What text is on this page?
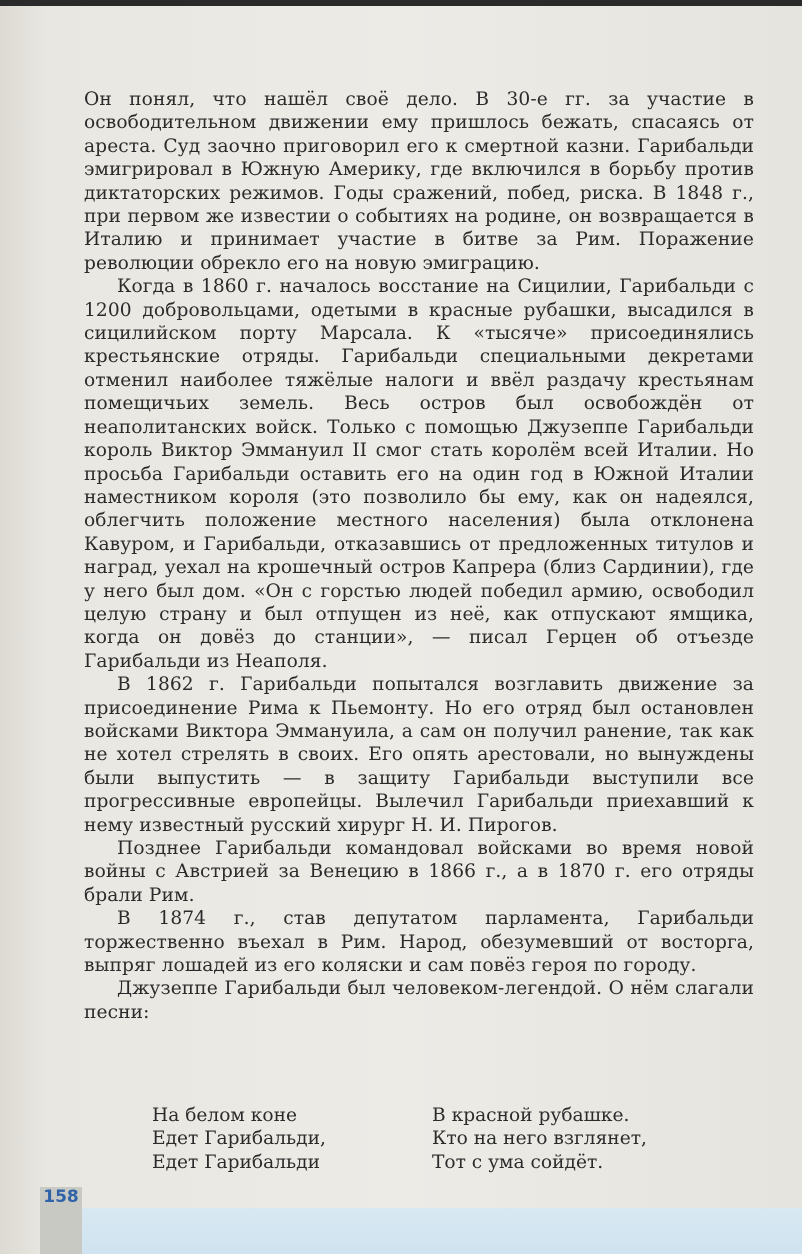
Он понял, что нашёл своё дело. В 30-е гг. за участие в освободительном движении ему пришлось бежать, спасаясь от ареста. Суд заочно приговорил его к смертной казни. Гарибальди эмигрировал в Южную Америку, где включился в борьбу против диктаторских режимов. Годы сражений, побед, риска. В 1848 г., при первом же известии о событиях на родине, он возвращается в Италию и принимает участие в битве за Рим. Поражение революции обрекло его на новую эмиграцию.

Когда в 1860 г. началось восстание на Сицилии, Гарибальди с 1200 добровольцами, одетыми в красные рубашки, высадился в сицилийском порту Марсала. К «тысяче» присоединялись крестьянские отряды. Гарибальди специальными декретами отменил наиболее тяжёлые налоги и ввёл раздачу крестьянам помещичьих земель. Весь остров был освобождён от неаполитанских войск. Только с помощью Джузеппе Гарибальди король Виктор Эммануил II смог стать королём всей Италии. Но просьба Гарибальди оставить его на один год в Южной Италии наместником короля (это позволило бы ему, как он надеялся, облегчить положение местного населения) была отклонена Кавуром, и Гарибальди, отказавшись от предложенных титулов и наград, уехал на крошечный остров Капрера (близ Сардинии), где у него был дом. «Он с горстью людей победил армию, освободил целую страну и был отпущен из неё, как отпускают ямщика, когда он довёз до станции», — писал Герцен об отъезде Гарибальди из Неаполя.

В 1862 г. Гарибальди попытался возглавить движение за присоединение Рима к Пьемонту. Но его отряд был остановлен войсками Виктора Эммануила, а сам он получил ранение, так как не хотел стрелять в своих. Его опять арестовали, но вынуждены были выпустить — в защиту Гарибальди выступили все прогрессивные европейцы. Вылечил Гарибальди приехавший к нему известный русский хирург Н. И. Пирогов.

Позднее Гарибальди командовал войсками во время новой войны с Австрией за Венецию в 1866 г., а в 1870 г. его отряды брали Рим.

В 1874 г., став депутатом парламента, Гарибальди торжественно въехал в Рим. Народ, обезумевший от восторга, выпряг лошадей из его коляски и сам повёз героя по городу.

Джузеппе Гарибальди был человеком-легендой. О нём слагали песни:

На белом коне
Едет Гарибальди,
Едет Гарибальди
В красной рубашке.
Кто на него взглянет,
Тот с ума сойдёт.
158
